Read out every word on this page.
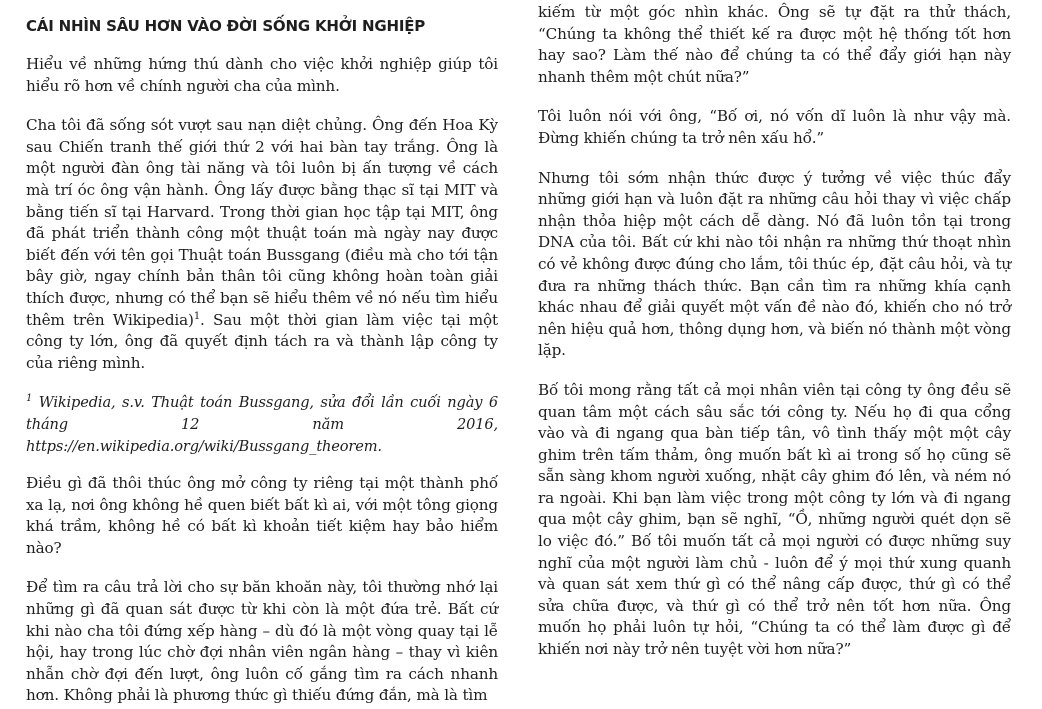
CÁI NHÌN SÂU HƠN VÀO ĐỜI SỐNG KHỞI NGHIỆP

Hiểu về những hứng thú dành cho việc khởi nghiệp giúp tôi hiểu rõ hơn về chính người cha của mình.

Cha tôi đã sống sót vượt sau nạn diệt chủng. Ông đến Hoa Kỳ sau Chiến tranh thế giới thứ 2 với hai bàn tay trắng. Ông là một người đàn ông tài năng và tôi luôn bị ấn tượng về cách mà trí óc ông vận hành. Ông lấy được bằng thạc sĩ tại MIT và bằng tiến sĩ tại Harvard. Trong thời gian học tập tại MIT, ông đã phát triển thành công một thuật toán mà ngày nay được biết đến với tên gọi Thuật toán Bussgang (điều mà cho tới tận bây giờ, ngay chính bản thân tôi cũng không hoàn toàn giải thích được, nhưng có thể bạn sẽ hiểu thêm về nó nếu tìm hiểu thêm trên Wikipedia)$^1$. Sau một thời gian làm việc tại một công ty lớn, ông đã quyết định tách ra và thành lập công ty của riêng mình.

$^1$ Wikipedia, s.v. Thuật toán Bussgang, sửa đổi lần cuối ngày 6 tháng 12 năm 2016, https://en.wikipedia.org/wiki/Bussgang_theorem.

Điều gì đã thôi thúc ông mở công ty riêng tại một thành phố xa lạ, nơi ông không hề quen biết bất kì ai, với một tông giọng khá trầm, không hề có bất kì khoản tiết kiệm hay bảo hiểm nào?

Để tìm ra câu trả lời cho sự băn khoăn này, tôi thường nhớ lại những gì đã quan sát được từ khi còn là một đứa trẻ. Bất cứ khi nào cha tôi đứng xếp hàng – dù đó là một vòng quay tại lễ hội, hay trong lúc chờ đợi nhân viên ngân hàng – thay vì kiên nhẫn chờ đợi đến lượt, ông luôn cố gắng tìm ra cách nhanh hơn. Không phải là phương thức gì thiếu đứng đắn, mà là tìm

kiếm từ một góc nhìn khác. Ông sẽ tự đặt ra thử thách, “Chúng ta không thể thiết kế ra được một hệ thống tốt hơn hay sao? Làm thế nào để chúng ta có thể đẩy giới hạn này nhanh thêm một chút nữa?”

Tôi luôn nói với ông, “Bố ơi, nó vốn dĩ luôn là như vậy mà. Đừng khiến chúng ta trở nên xấu hổ.”

Nhưng tôi sớm nhận thức được ý tưởng về việc thúc đẩy những giới hạn và luôn đặt ra những câu hỏi thay vì việc chấp nhận thỏa hiệp một cách dễ dàng. Nó đã luôn tồn tại trong DNA của tôi. Bất cứ khi nào tôi nhận ra những thứ thoạt nhìn có vẻ không được đúng cho lắm, tôi thúc ép, đặt câu hỏi, và tự đưa ra những thách thức. Bạn cần tìm ra những khía cạnh khác nhau để giải quyết một vấn đề nào đó, khiến cho nó trở nên hiệu quả hơn, thông dụng hơn, và biến nó thành một vòng lặp.

Bố tôi mong rằng tất cả mọi nhân viên tại công ty ông đều sẽ quan tâm một cách sâu sắc tới công ty. Nếu họ đi qua cổng vào và đi ngang qua bàn tiếp tân, vô tình thấy một một cây ghim trên tấm thảm, ông muốn bất kì ai trong số họ cũng sẽ sẵn sàng khom người xuống, nhặt cây ghim đó lên, và ném nó ra ngoài. Khi bạn làm việc trong một công ty lớn và đi ngang qua một cây ghim, bạn sẽ nghĩ, “Ồ, những người quét dọn sẽ lo việc đó.” Bố tôi muốn tất cả mọi người có được những suy nghĩ của một người làm chủ - luôn để ý mọi thứ xung quanh và quan sát xem thứ gì có thể nâng cấp được, thứ gì có thể sửa chữa được, và thứ gì có thể trở nên tốt hơn nữa. Ông muốn họ phải luôn tự hỏi, “Chúng ta có thể làm được gì để khiến nơi này trở nên tuyệt vời hơn nữa?”
